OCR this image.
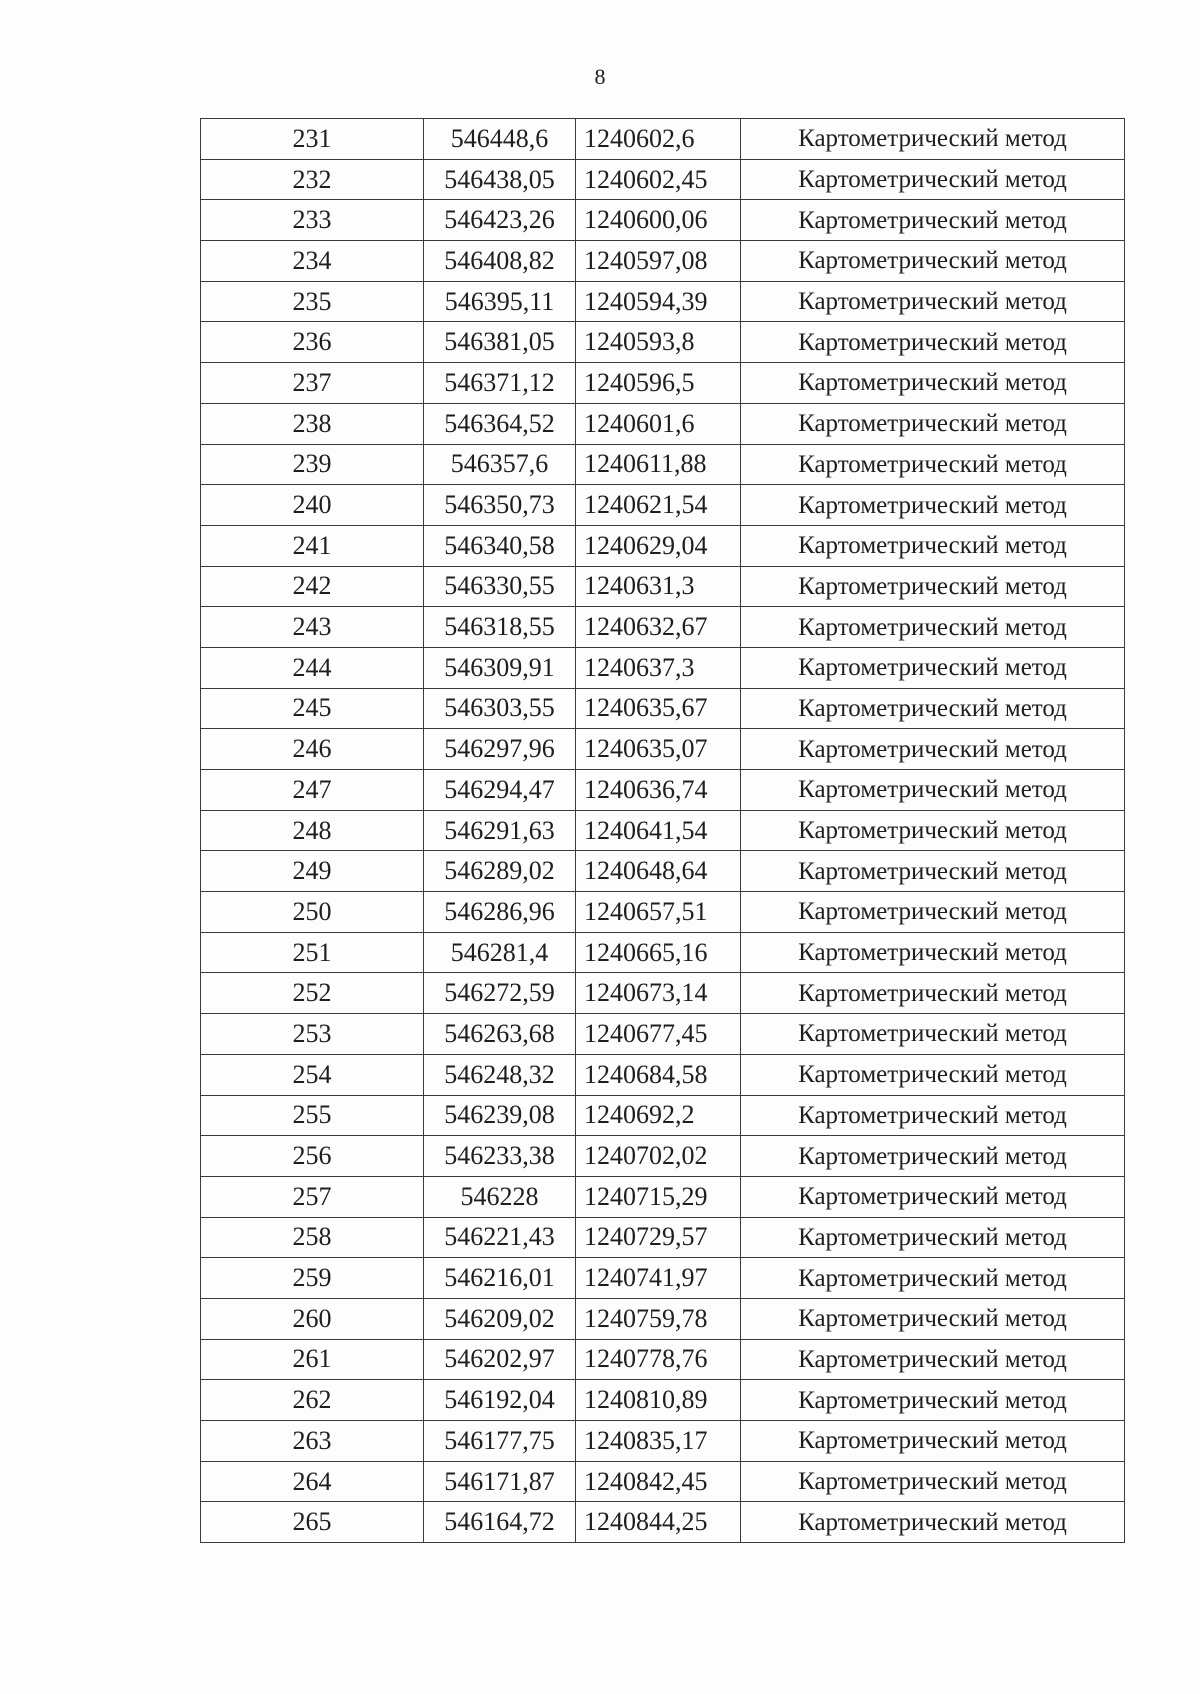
8
231	546448,6	1240602,6	Картометрический метод
232	546438,05	1240602,45	Картометрический метод
233	546423,26	1240600,06	Картометрический метод
234	546408,82	1240597,08	Картометрический метод
235	546395,11	1240594,39	Картометрический метод
236	546381,05	1240593,8	Картометрический метод
237	546371,12	1240596,5	Картометрический метод
238	546364,52	1240601,6	Картометрический метод
239	546357,6	1240611,88	Картометрический метод
240	546350,73	1240621,54	Картометрический метод
241	546340,58	1240629,04	Картометрический метод
242	546330,55	1240631,3	Картометрический метод
243	546318,55	1240632,67	Картометрический метод
244	546309,91	1240637,3	Картометрический метод
245	546303,55	1240635,67	Картометрический метод
246	546297,96	1240635,07	Картометрический метод
247	546294,47	1240636,74	Картометрический метод
248	546291,63	1240641,54	Картометрический метод
249	546289,02	1240648,64	Картометрический метод
250	546286,96	1240657,51	Картометрический метод
251	546281,4	1240665,16	Картометрический метод
252	546272,59	1240673,14	Картометрический метод
253	546263,68	1240677,45	Картометрический метод
254	546248,32	1240684,58	Картометрический метод
255	546239,08	1240692,2	Картометрический метод
256	546233,38	1240702,02	Картометрический метод
257	546228	1240715,29	Картометрический метод
258	546221,43	1240729,57	Картометрический метод
259	546216,01	1240741,97	Картометрический метод
260	546209,02	1240759,78	Картометрический метод
261	546202,97	1240778,76	Картометрический метод
262	546192,04	1240810,89	Картометрический метод
263	546177,75	1240835,17	Картометрический метод
264	546171,87	1240842,45	Картометрический метод
265	546164,72	1240844,25	Картометрический метод
